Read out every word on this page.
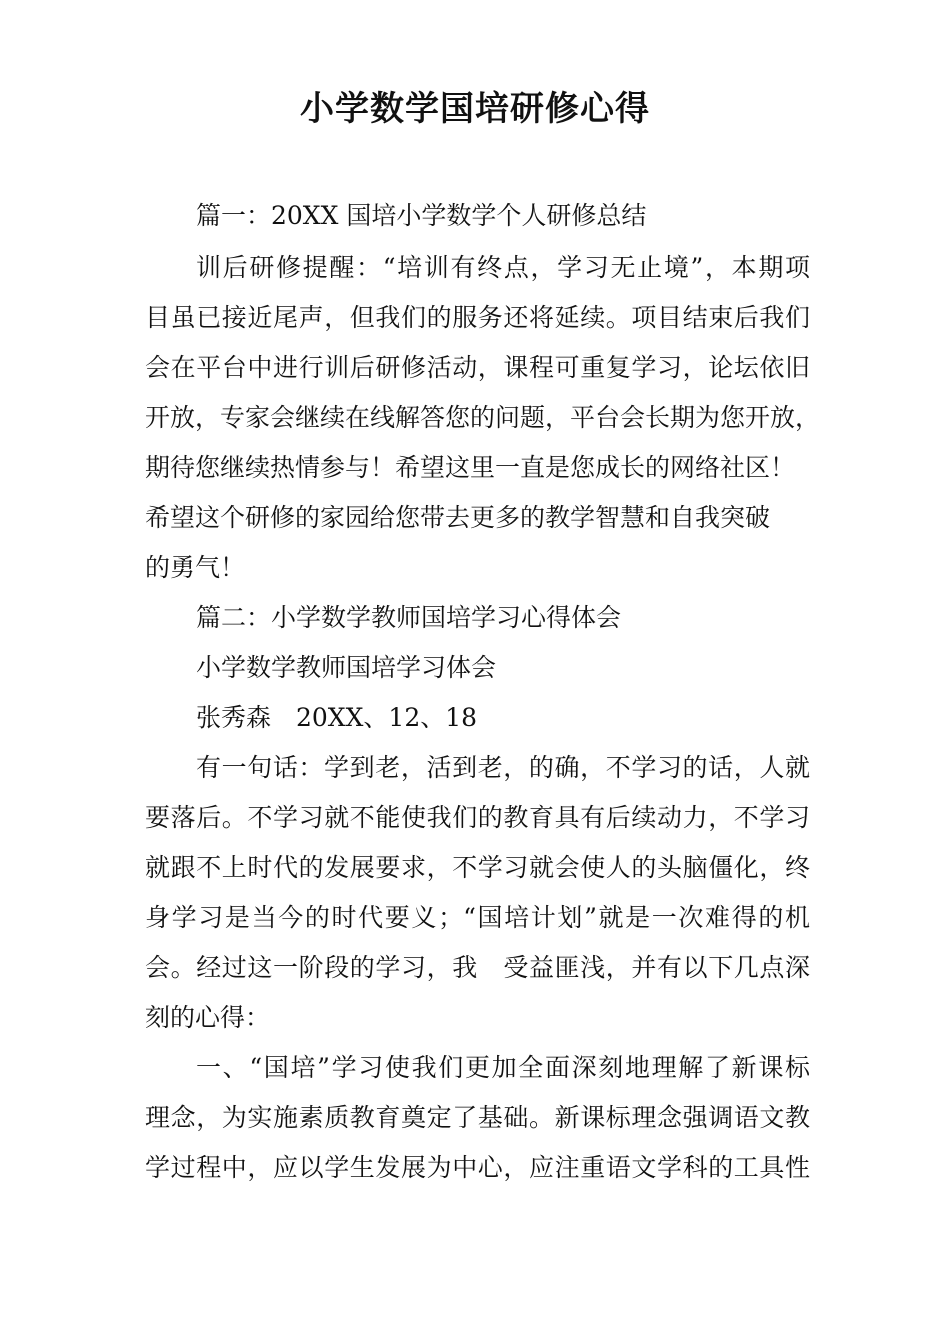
小学数学国培研修心得

篇一：20XX 国培小学数学个人研修总结

训后研修提醒：“培训有终点，学习无止境”，本期项

目虽已接近尾声，但我们的服务还将延续。项目结束后我们

会在平台中进行训后研修活动，课程可重复学习，论坛依旧

开放，专家会继续在线解答您的问题，平台会长期为您开放，

期待您继续热情参与！希望这里一直是您成长的网络社区！

希望这个研修的家园给您带去更多的教学智慧和自我突破

的勇气！

篇二：小学数学教师国培学习心得体会

小学数学教师国培学习体会

张秀森　20XX、12、18

有一句话：学到老，活到老，的确，不学习的话，人就

要落后。不学习就不能使我们的教育具有后续动力，不学习

就跟不上时代的发展要求，不学习就会使人的头脑僵化，终

身学习是当今的时代要义；“国培计划”就是一次难得的机

会。经过这一阶段的学习，我　受益匪浅，并有以下几点深

刻的心得：

一、“国培”学习使我们更加全面深刻地理解了新课标

理念，为实施素质教育奠定了基础。新课标理念强调语文教

学过程中，应以学生发展为中心，应注重语文学科的工具性
